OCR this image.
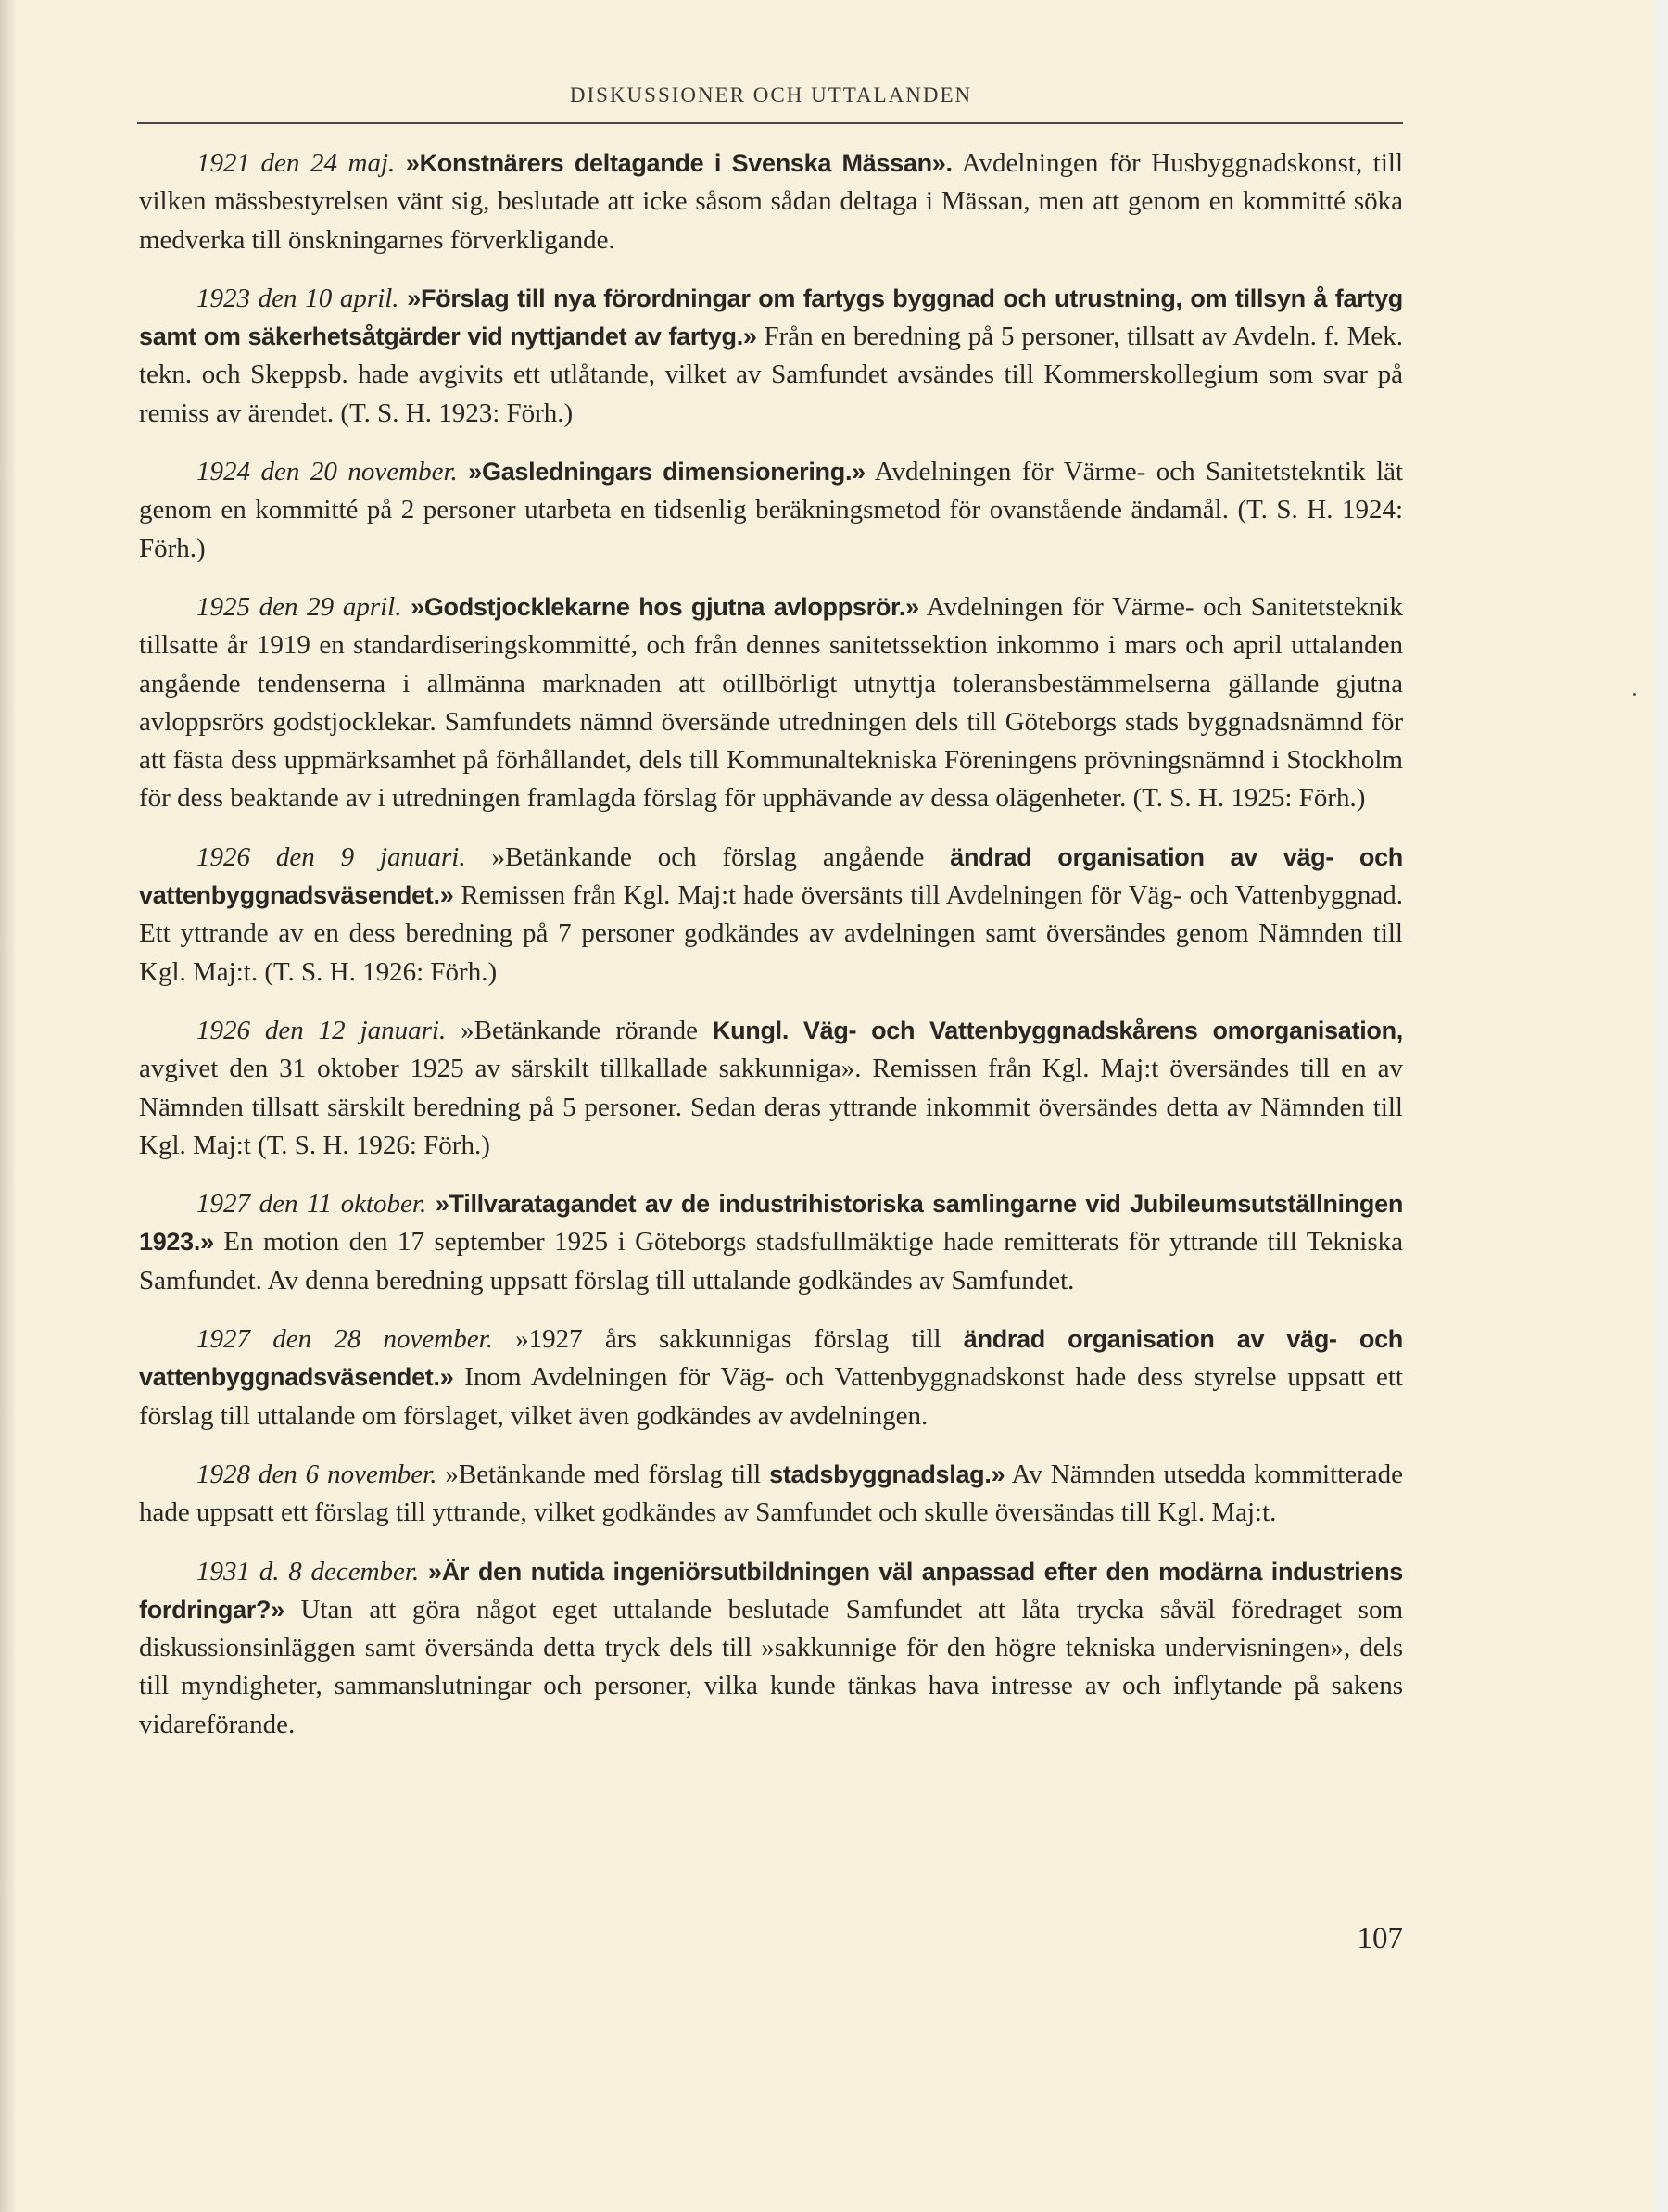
DISKUSSIONER OCH UTTALANDEN

1921 den 24 maj. »Konstnärers deltagande i Svenska Mässan». Avdelningen för Husbyggnadskonst, till vilken mässbestyrelsen vänt sig, beslutade att icke såsom sådan deltaga i Mässan, men att genom en kommitté söka medverka till önskningarnes förverkligande.

1923 den 10 april. »Förslag till nya förordningar om fartygs byggnad och utrustning, om tillsyn å fartyg samt om säkerhetsåtgärder vid nyttjandet av fartyg.» Från en beredning på 5 personer, tillsatt av Avdeln. f. Mek. tekn. och Skeppsb. hade avgivits ett utlåtande, vilket av Samfundet avsändes till Kommerskollegium som svar på remiss av ärendet. (T. S. H. 1923: Förh.)

1924 den 20 november. »Gasledningars dimensionering.» Avdelningen för Värme- och Sanitetstekntik lät genom en kommitté på 2 personer utarbeta en tidsenlig beräkningsmetod för ovanstående ändamål. (T. S. H. 1924: Förh.)

1925 den 29 april. »Godstjocklekarne hos gjutna avloppsrör.» Avdelningen för Värme- och Sanitetsteknik tillsatte år 1919 en standardiseringskommitté, och från dennes sanitetssektion inkommo i mars och april uttalanden angående tendenserna i allmänna marknaden att otillbörligt utnyttja toleransbestämmelserna gällande gjutna avloppsrörs godstjocklekar. Samfundets nämnd översände utredningen dels till Göteborgs stads byggnadsnämnd för att fästa dess uppmärksamhet på förhållandet, dels till Kommunaltekniska Föreningens prövningsnämnd i Stockholm för dess beaktande av i utredningen framlagda förslag för upphävande av dessa olägenheter. (T. S. H. 1925: Förh.)

1926 den 9 januari. »Betänkande och förslag angående ändrad organisation av väg- och vattenbyggnadsväsendet.» Remissen från Kgl. Maj:t hade översänts till Avdelningen för Väg- och Vattenbyggnad. Ett yttrande av en dess beredning på 7 personer godkändes av avdelningen samt översändes genom Nämnden till Kgl. Maj:t. (T. S. H. 1926: Förh.)

1926 den 12 januari. »Betänkande rörande Kungl. Väg- och Vattenbyggnadskårens omorganisation, avgivet den 31 oktober 1925 av särskilt tillkallade sakkunniga». Remissen från Kgl. Maj:t översändes till en av Nämnden tillsatt särskilt beredning på 5 personer. Sedan deras yttrande inkommit översändes detta av Nämnden till Kgl. Maj:t (T. S. H. 1926: Förh.)

1927 den 11 oktober. »Tillvaratagandet av de industrihistoriska samlingarne vid Jubileumsutställningen 1923.» En motion den 17 september 1925 i Göteborgs stadsfullmäktige hade remitterats för yttrande till Tekniska Samfundet. Av denna beredning uppsatt förslag till uttalande godkändes av Samfundet.

1927 den 28 november. »1927 års sakkunnigas förslag till ändrad organisation av väg- och vattenbyggnadsväsendet.» Inom Avdelningen för Väg- och Vattenbyggnadskonst hade dess styrelse uppsatt ett förslag till uttalande om förslaget, vilket även godkändes av avdelningen.

1928 den 6 november. »Betänkande med förslag till stadsbyggnadslag.» Av Nämnden utsedda kommitterade hade uppsatt ett förslag till yttrande, vilket godkändes av Samfundet och skulle översändas till Kgl. Maj:t.

1931 d. 8 december. »Är den nutida ingeniörsutbildningen väl anpassad efter den modärna industriens fordringar?» Utan att göra något eget uttalande beslutade Samfundet att låta trycka såväl föredraget som diskussionsinläggen samt översända detta tryck dels till »sakkunnige för den högre tekniska undervisningen», dels till myndigheter, sammanslutningar och personer, vilka kunde tänkas hava intresse av och inflytande på sakens vidareförande.

107
